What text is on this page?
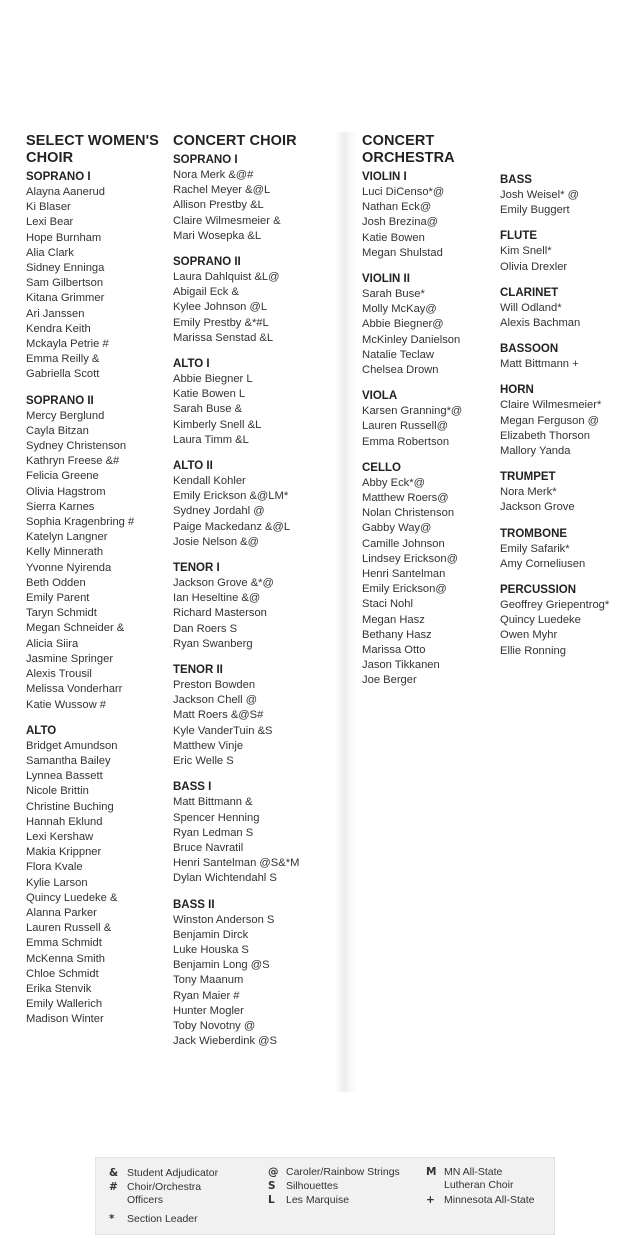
SELECT WOMEN'S CHOIR
SOPRANO I
Alayna Aanerud
Ki Blaser
Lexi Bear
Hope Burnham
Alia Clark
Sidney Enninga
Sam Gilbertson
Kitana Grimmer
Ari Janssen
Kendra Keith
Mckayla Petrie #
Emma Reilly &
Gabriella Scott
SOPRANO II
Mercy Berglund
Cayla Bitzan
Sydney Christenson
Kathryn Freese &#
Felicia Greene
Olivia Hagstrom
Sierra Karnes
Sophia Kragenbring #
Katelyn Langner
Kelly Minnerath
Yvonne Nyirenda
Beth Odden
Emily Parent
Taryn Schmidt
Megan Schneider &
Alicia Siira
Jasmine Springer
Alexis Trousil
Melissa Vonderharr
Katie Wussow #
ALTO
Bridget Amundson
Samantha Bailey
Lynnea Bassett
Nicole Brittin
Christine Buching
Hannah Eklund
Lexi Kershaw
Makia Krippner
Flora Kvale
Kylie Larson
Quincy Luedeke &
Alanna Parker
Lauren Russell &
Emma Schmidt
McKenna Smith
Chloe Schmidt
Erika Stenvik
Emily Wallerich
Madison Winter
CONCERT CHOIR
SOPRANO I
Nora Merk &@#
Rachel Meyer &@L
Allison Prestby &L
Claire Wilmesmeier &
Mari Wosepka &L
SOPRANO II
Laura Dahlquist &L@
Abigail Eck &
Kylee Johnson @L
Emily Prestby &*#L
Marissa Senstad &L
ALTO I
Abbie Biegner L
Katie Bowen L
Sarah Buse &
Kimberly Snell &L
Laura Timm &L
ALTO II
Kendall Kohler
Emily Erickson &@LM*
Sydney Jordahl @
Paige Mackedanz &@L
Josie Nelson &@
TENOR I
Jackson Grove &*@
Ian Heseltine &@
Richard Masterson
Dan Roers S
Ryan Swanberg
TENOR II
Preston Bowden
Jackson Chell @
Matt Roers &@S#
Kyle VanderTuin &S
Matthew Vinje
Eric Welle S
BASS I
Matt Bittmann &
Spencer Henning
Ryan Ledman S
Bruce Navratil
Henri Santelman @S&*M
Dylan Wichtendahl S
BASS II
Winston Anderson S
Benjamin Dirck
Luke Houska S
Benjamin Long @S
Tony Maanum
Ryan Maier #
Hunter Mogler
Toby Novotny @
Jack Wieberdink @S
CONCERT ORCHESTRA
VIOLIN I
Luci DiCenso*@
Nathan Eck@
Josh Brezina@
Katie Bowen
Megan Shulstad
VIOLIN II
Sarah Buse*
Molly McKay@
Abbie Biegner@
McKinley Danielson
Natalie Teclaw
Chelsea Drown
VIOLA
Karsen Granning*@
Lauren Russell@
Emma Robertson
CELLO
Abby Eck*@
Matthew Roers@
Nolan Christenson
Gabby Way@
Camille Johnson
Lindsey Erickson@
Henri Santelman
Emily Erickson@
Staci Nohl
Megan Hasz
Bethany Hasz
Marissa Otto
Jason Tikkanen
Joe Berger
BASS
Josh Weisel* @
Emily Buggert
FLUTE
Kim Snell*
Olivia Drexler
CLARINET
Will Odland*
Alexis Bachman
BASSOON
Matt Bittmann +
HORN
Claire Wilmesmeier*
Megan Ferguson @
Elizabeth Thorson
Mallory Yanda
TRUMPET
Nora Merk*
Jackson Grove
TROMBONE
Emily Safarik*
Amy Corneliusen
PERCUSSION
Geoffrey Griepentrog*
Quincy Luedeke
Owen Myhr
Ellie Ronning
& Student Adjudicator
# Choir/Orchestra Officers
*	Section Leader
@ Caroler/Rainbow Strings
S Silhouettes
L	Les Marquise
M MN All-State Lutheran Choir
+ Minnesota All-State
